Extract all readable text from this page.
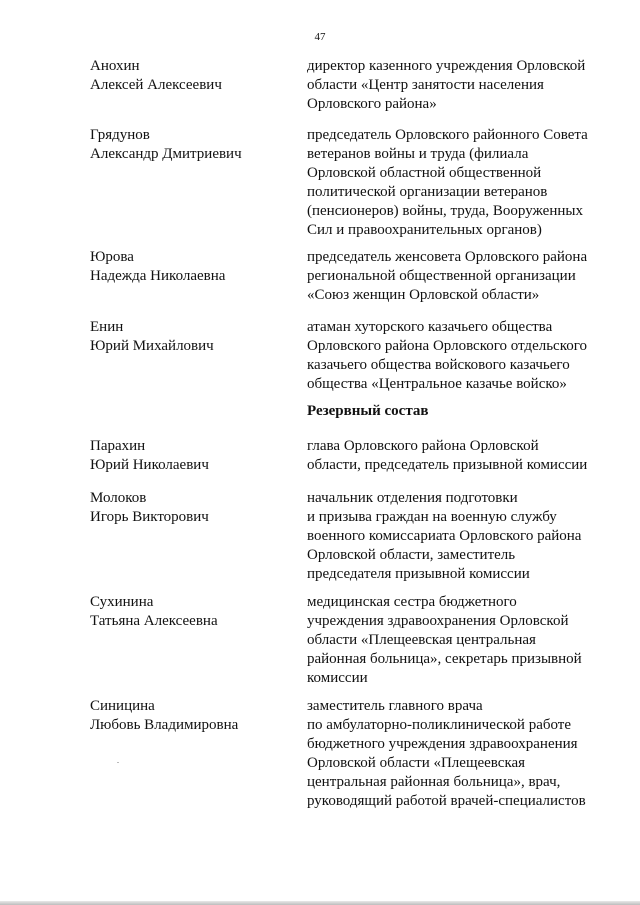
47
Анохин
Алексей Алексеевич
директор казенного учреждения Орловской
области «Центр занятости населения
Орловского района»
Грядунов
Александр Дмитриевич
председатель Орловского районного Совета
ветеранов войны и труда (филиала
Орловской областной общественной
политической организации ветеранов
(пенсионеров) войны, труда, Вооруженных
Сил и правоохранительных органов)
Юрова
Надежда Николаевна
председатель женсовета Орловского района
региональной общественной организации
«Союз женщин Орловской области»
Енин
Юрий Михайлович
атаман хуторского казачьего общества
Орловского района Орловского отдельского
казачьего общества войскового казачьего
общества «Центральное казачье войско»
Резервный состав
Парахин
Юрий Николаевич
глава Орловского района Орловской
области, председатель призывной комиссии
Молоков
Игорь Викторович
начальник отделения подготовки
и призыва граждан на военную службу
военного комиссариата Орловского района
Орловской области, заместитель
председателя призывной комиссии
Сухинина
Татьяна Алексеевна
медицинская сестра бюджетного
учреждения здравоохранения Орловской
области «Плещеевская центральная
районная больница», секретарь призывной
комиссии
Синицина
Любовь Владимировна
заместитель главного врача
по амбулаторно-поликлинической работе
бюджетного учреждения здравоохранения
Орловской области «Плещеевская
центральная районная больница», врач,
руководящий работой врачей-специалистов
